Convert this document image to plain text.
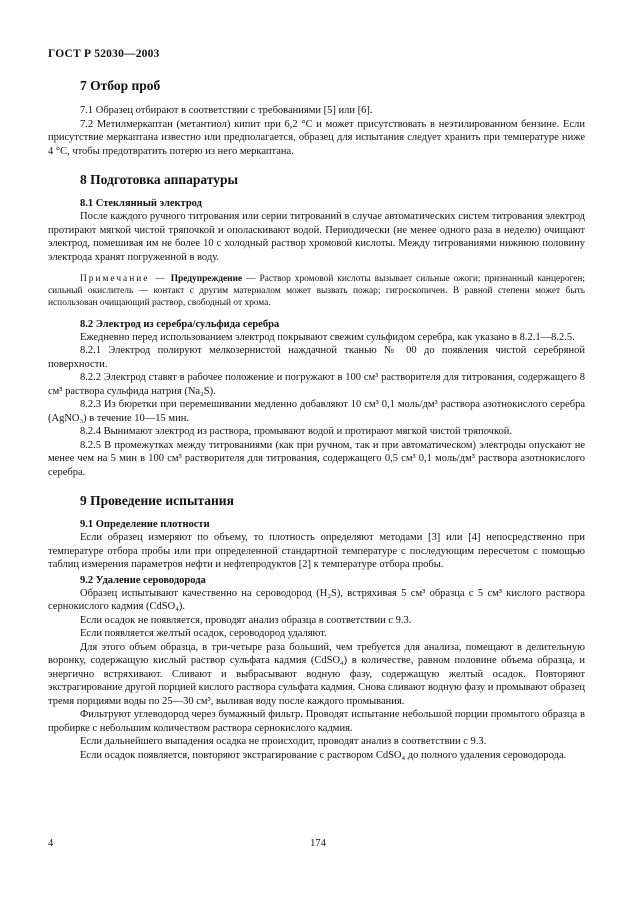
ГОСТ Р 52030—2003
7 Отбор проб

7.1 Образец отбирают в соответствии с требованиями [5] или [6].

7.2 Метилмеркаптан (метантиол) кипит при 6,2 °С и может присутствовать в неэтилированном бензине. Если присутствие меркаптана известно или предполагается, образец для испытания следует хранить при температуре ниже 4 °С, чтобы предотвратить потерю из него меркаптана.

8 Подготовка аппаратуры
8.1 Стеклянный электрод

После каждого ручного титрования или серии титрований в случае автоматических систем титрования электрод протирают мягкой чистой тряпочкой и ополаскивают водой. Периодически (не менее одного раза в неделю) очищают электрод, помешивая им не более 10 с холодный раствор хромовой кислоты. Между титрованиями нижнюю половину электрода хранят погруженной в воду.

Примечание — Предупреждение — Раствор хромовой кислоты вызывает сильные ожоги; признанный канцероген; сильный окислитель — контакт с другим материалом может вызвать пожар; гигроскопичен. В равной степени может быть использован очищающий раствор, свободный от хрома.
8.2 Электрод из серебра/сульфида серебра

Ежедневно перед использованием электрод покрывают свежим сульфидом серебра, как указано в 8.2.1—8.2.5.

8.2.1 Электрод полируют мелкозернистой наждачной тканью № 00 до появления чистой серебряной поверхности.

8.2.2 Электрод ставят в рабочее положение и погружают в 100 см³ растворителя для титрования, содержащего 8 см³ раствора сульфида натрия (Na₂S).

8.2.3 Из бюретки при перемешивании медленно добавляют 10 см³ 0,1 моль/дм³ раствора азотнокислого серебра (AgNO₃) в течение 10—15 мин.

8.2.4 Вынимают электрод из раствора, промывают водой и протирают мягкой чистой тряпочкой.

8.2.5 В промежутках между титрованиями (как при ручном, так и при автоматическом) электроды опускают не менее чем на 5 мин в 100 см³ растворителя для титрования, содержащего 0,5 см³ 0,1 моль/дм³ раствора азотнокислого серебра.

9 Проведение испытания
9.1 Определение плотности

Если образец измеряют по объему, то плотность определяют методами [3] или [4] непосредственно при температуре отбора пробы или при определенной стандартной температуре с последующим пересчетом с помощью таблиц измерения параметров нефти и нефтепродуктов [2] к температуре отбора пробы.

9.2 Удаление сероводорода

Образец испытывают качественно на сероводород (H₂S), встряхивая 5 см³ образца с 5 см³ кислого раствора сернокислого кадмия (CdSO₄).

Если осадок не появляется, проводят анализ образца в соответствии с 9.3.

Если появляется желтый осадок, сероводород удаляют.

Для этого объем образца, в три-четыре раза больший, чем требуется для анализа, помещают в делительную воронку, содержащую кислый раствор сульфата кадмия (CdSO₄) в количестве, равном половине объема образца, и энергично встряхивают. Сливают и выбрасывают водную фазу, содержащую желтый осадок. Повторяют экстрагирование другой порцией кислого раствора сульфата кадмия. Снова сливают водную фазу и промывают образец тремя порциями воды по 25—30 см³, выливая воду после каждого промывания.

Фильтруют углеводород через бумажный фильтр. Проводят испытание небольшой порции промытого образца в пробирке с небольшим количеством раствора сернокислого кадмия.

Если дальнейшего выпадения осадка не происходит, проводят анализ в соответствии с 9.3.

Если осадок появляется, повторяют экстрагирование с раствором CdSO₄ до полного удаления сероводорода.

4	174
